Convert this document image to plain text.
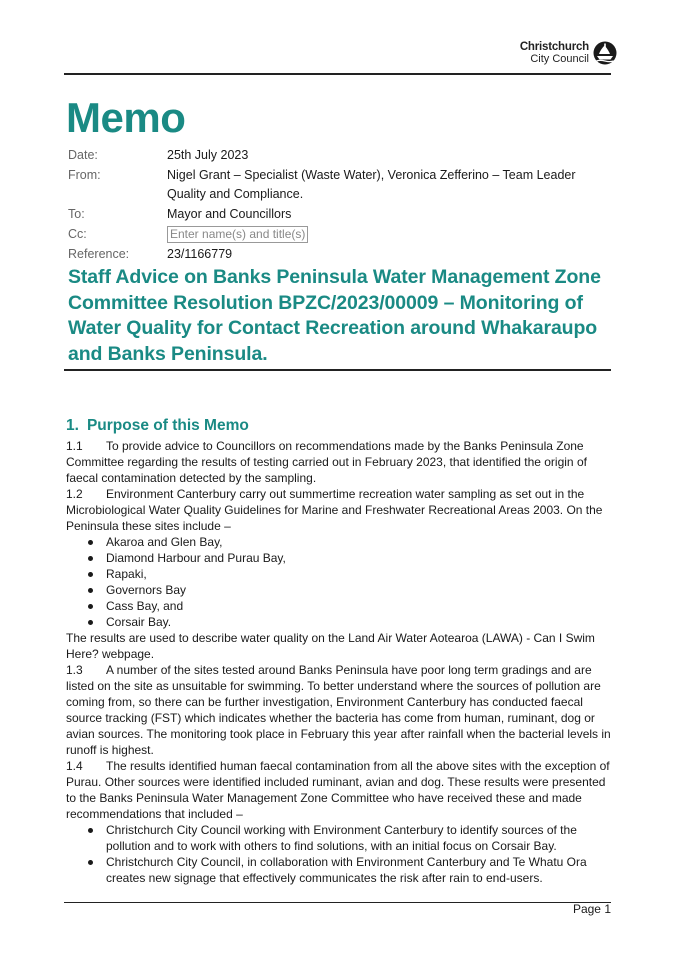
Christchurch
City Council
Memo
Date:	25th July 2023
From:	Nigel Grant – Specialist (Waste Water), Veronica Zefferino – Team Leader Quality and Compliance.
To:	Mayor and Councillors
Cc:	Enter name(s) and title(s)
Reference:	23/1166779
Staff Advice on Banks Peninsula Water Management Zone Committee Resolution BPZC/2023/00009 – Monitoring of Water Quality for Contact Recreation around Whakaraupo and Banks Peninsula.
1. Purpose of this Memo

1.1 To provide advice to Councillors on recommendations made by the Banks Peninsula Zone Committee regarding the results of testing carried out in February 2023, that identified the origin of faecal contamination detected by the sampling.

1.2 Environment Canterbury carry out summertime recreation water sampling as set out in the Microbiological Water Quality Guidelines for Marine and Freshwater Recreational Areas 2003. On the Peninsula these sites include –

Akaroa and Glen Bay,
Diamond Harbour and Purau Bay,
Rapaki,
Governors Bay
Cass Bay, and
Corsair Bay.

The results are used to describe water quality on the Land Air Water Aotearoa (LAWA) - Can I Swim Here? webpage.

1.3 A number of the sites tested around Banks Peninsula have poor long term gradings and are listed on the site as unsuitable for swimming. To better understand where the sources of pollution are coming from, so there can be further investigation, Environment Canterbury has conducted faecal source tracking (FST) which indicates whether the bacteria has come from human, ruminant, dog or avian sources. The monitoring took place in February this year after rainfall when the bacterial levels in runoff is highest.

1.4 The results identified human faecal contamination from all the above sites with the exception of Purau. Other sources were identified included ruminant, avian and dog. These results were presented to the Banks Peninsula Water Management Zone Committee who have received these and made recommendations that included –

Christchurch City Council working with Environment Canterbury to identify sources of the pollution and to work with others to find solutions, with an initial focus on Corsair Bay.
Christchurch City Council, in collaboration with Environment Canterbury and Te Whatu Ora creates new signage that effectively communicates the risk after rain to end-users.
Page 1
